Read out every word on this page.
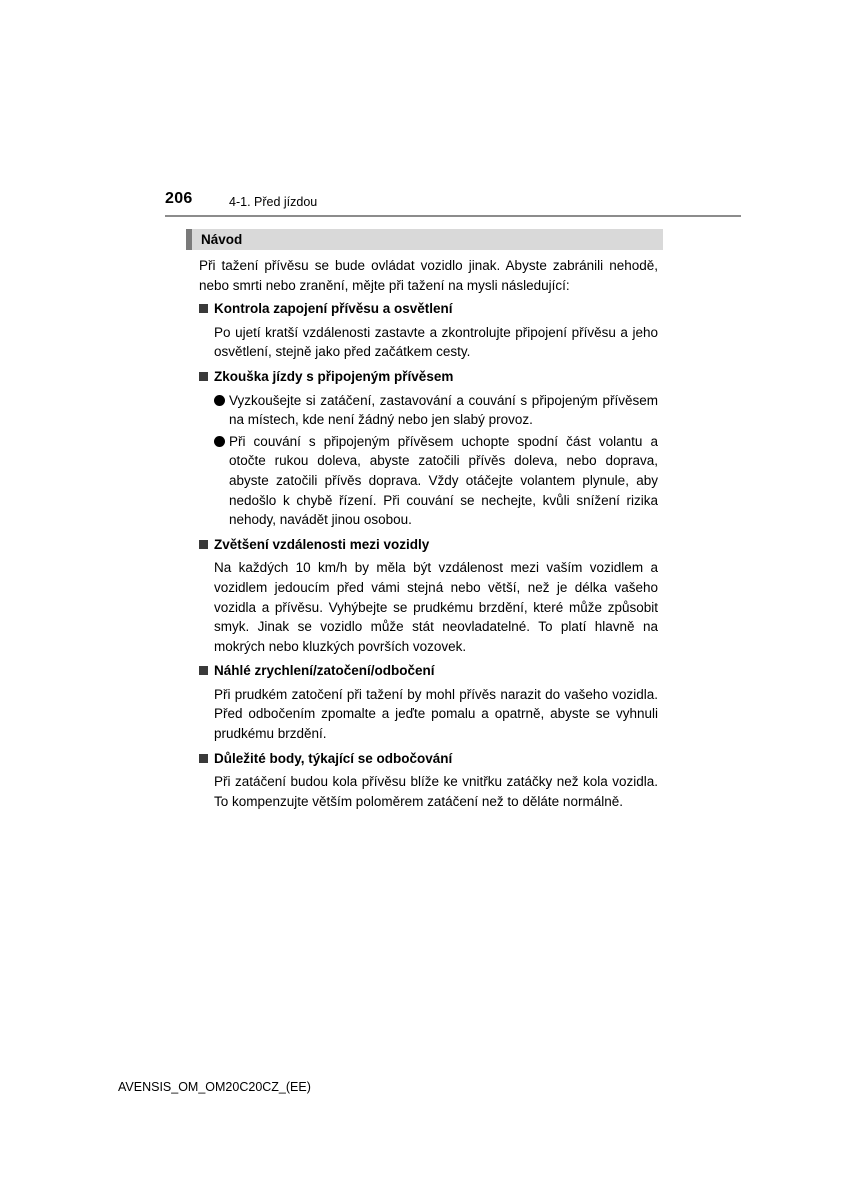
206	4-1. Před jízdou
Návod

Při tažení přívěsu se bude ovládat vozidlo jinak. Abyste zabránili nehodě, nebo smrti nebo zranění, mějte při tažení na mysli následující:

Kontrola zapojení přívěsu a osvětlení

Po ujetí kratší vzdálenosti zastavte a zkontrolujte připojení přívěsu a jeho osvětlení, stejně jako před začátkem cesty.

Zkouška jízdy s připojeným přívěsem
Vyzkoušejte si zatáčení, zastavování a couvání s připojeným přívěsem na místech, kde není žádný nebo jen slabý provoz.
Při couvání s připojeným přívěsem uchopte spodní část volantu a otočte rukou doleva, abyste zatočili přívěs doleva, nebo doprava, abyste zatočili přívěs doprava. Vždy otáčejte volantem plynule, aby nedošlo k chybě řízení. Při couvání se nechejte, kvůli snížení rizika nehody, navádět jinou osobou.
Zvětšení vzdálenosti mezi vozidly

Na každých 10 km/h by měla být vzdálenost mezi vaším vozidlem a vozidlem jedoucím před vámi stejná nebo větší, než je délka vašeho vozidla a přívěsu. Vyhýbejte se prudkému brzdění, které může způsobit smyk. Jinak se vozidlo může stát neovladatelné. To platí hlavně na mokrých nebo kluzkých površích vozovek.

Náhlé zrychlení/zatočení/odbočení

Při prudkém zatočení při tažení by mohl přívěs narazit do vašeho vozidla. Před odbočením zpomalte a jeďte pomalu a opatrně, abyste se vyhnuli prudkému brzdění.

Důležité body, týkající se odbočování

Při zatáčení budou kola přívěsu blíže ke vnitřku zatáčky než kola vozidla. To kompenzujte větším poloměrem zatáčení než to děláte normálně.

AVENSIS_OM_OM20C20CZ_(EE)
